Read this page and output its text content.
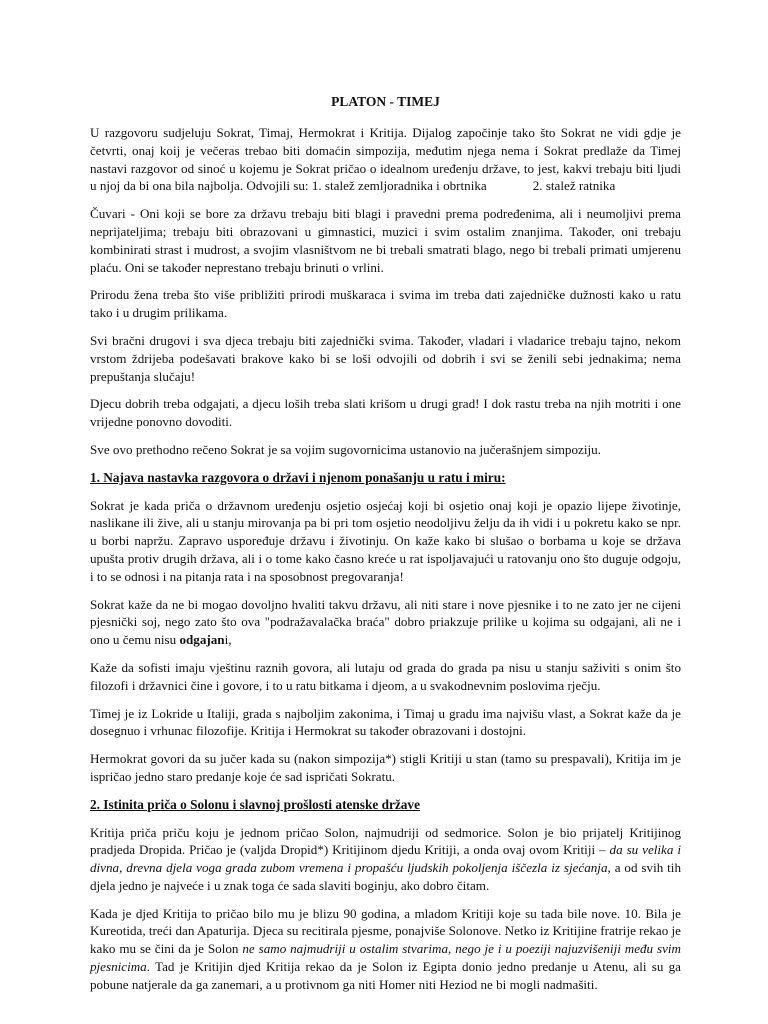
PLATON - TIMEJ

U razgovoru sudjeluju Sokrat, Timaj, Hermokrat i Kritija. Dijalog započinje tako što Sokrat ne vidi gdje je četvrti, onaj koij je večeras trebao biti domaćin simpozija, međutim njega nema i Sokrat predlaže da Timej nastavi razgovor od sinoć u kojemu je Sokrat pričao o idealnom uređenju države, to jest, kakvi trebaju biti ljudi u njoj da bi ona bila najbolja. Odvojili su: 1. stalež zemljoradnika i obrtnika	2. stalež ratnika

Čuvari - Oni koji se bore za državu trebaju biti blagi i pravedni prema podređenima, ali i neumoljivi prema neprijateljima; trebaju biti obrazovani u gimnastici, muzici i svim ostalim znanjima. Također, oni trebaju kombinirati strast i mudrost, a svojim vlasništvom ne bi trebali smatrati blago, nego bi trebali primati umjerenu plaću. Oni se također neprestano trebaju brinuti o vrlini.

Prirodu žena treba što više približiti prirodi muškaraca i svima im treba dati zajedničke dužnosti kako u ratu tako i u drugim prilikama.

Svi bračni drugovi i sva djeca trebaju biti zajednički svima. Također, vladari i vladarice trebaju tajno, nekom vrstom ždrijeba podešavati brakove kako bi se loši odvojili od dobrih i svi se ženili sebi jednakima; nema prepuštanja slučaju!

Djecu dobrih treba odgajati, a djecu loših treba slati krišom u drugi grad! I dok rastu treba na njih motriti i one vrijedne ponovno dovoditi.

Sve ovo prethodno rečeno Sokrat je sa vojim sugovornicima ustanovio na jučerašnjem simpoziju.

1. Najava nastavka razgovora o državi i njenom ponašanju u ratu i miru:

Sokrat je kada priča o državnom uređenju osjetio osjećaj koji bi osjetio onaj koji je opazio lijepe životinje, naslikane ili žive, ali u stanju mirovanja pa bi pri tom osjetio neodoljivu želju da ih vidi i u pokretu kako se npr. u borbi napržu. Zapravo uspoređuje državu i životinju. On kaže kako bi slušao o borbama u koje se država upušta protiv drugih država, ali i o tome kako časno kreće u rat ispoljavajući u ratovanju ono što duguje odgoju, i to se odnosi i na pitanja rata i na sposobnost pregovaranja!

Sokrat kaže da ne bi mogao dovoljno hvaliti takvu državu, ali niti stare i nove pjesnike i to ne zato jer ne cijeni pjesnički soj, nego zato što ova "podražavalačka braća" dobro priakzuje prilike u kojima su odgajani, ali ne i ono u čemu nisu odgajani,

Kaže da sofisti imaju vještinu raznih govora, ali lutaju od grada do grada pa nisu u stanju saživiti s onim što filozofi i državnici čine i govore, i to u ratu bitkama i djeom, a u svakodnevnim poslovima rječju.

Timej je iz Lokride u Italiji, grada s najboljim zakonima, i Timaj u gradu ima najvišu vlast, a Sokrat kaže da je dosegnuo i vrhunac filozofije. Kritija i Hermokrat su također obrazovani i dostojni.

Hermokrat govori da su jučer kada su (nakon simpozija*) stigli Kritiji u stan (tamo su prespavali), Kritija im je ispričao jedno staro predanje koje će sad ispričati Sokratu.

2. Istinita priča o Solonu i slavnoj prošlosti atenske države

Kritija priča priču koju je jednom pričao Solon, najmudriji od sedmorice. Solon je bio prijatelj Kritijinog pradjeda Dropida. Pričao je (valjda Dropid*) Kritijinom djedu Kritiji, a onda ovaj ovom Kritiji – da su velika i divna, drevna djela voga grada zubom vremena i propašću ljudskih pokoljenja iščezla iz sjećanja, a od svih tih djela jedno je najveće i u znak toga će sada slaviti boginju, ako dobro čitam.

Kada je djed Kritija to pričao bilo mu je blizu 90 godina, a mladom Kritiji koje su tada bile nove. 10. Bila je Kureotida, treći dan Apaturija. Djeca su recitirala pjesme, ponajviše Solonove. Netko iz Kritijine fratrije rekao je kako mu se čini da je Solon ne samo najmudriji u ostalim stvarima, nego je i u poeziji najuzvišeniji među svim pjesnicima. Tad je Kritijin djed Kritija rekao da je Solon iz Egipta donio jedno predanje u Atenu, ali su ga pobune natjerale da ga zanemari, a u protivnom ga niti Homer niti Heziod ne bi mogli nadmašiti.
